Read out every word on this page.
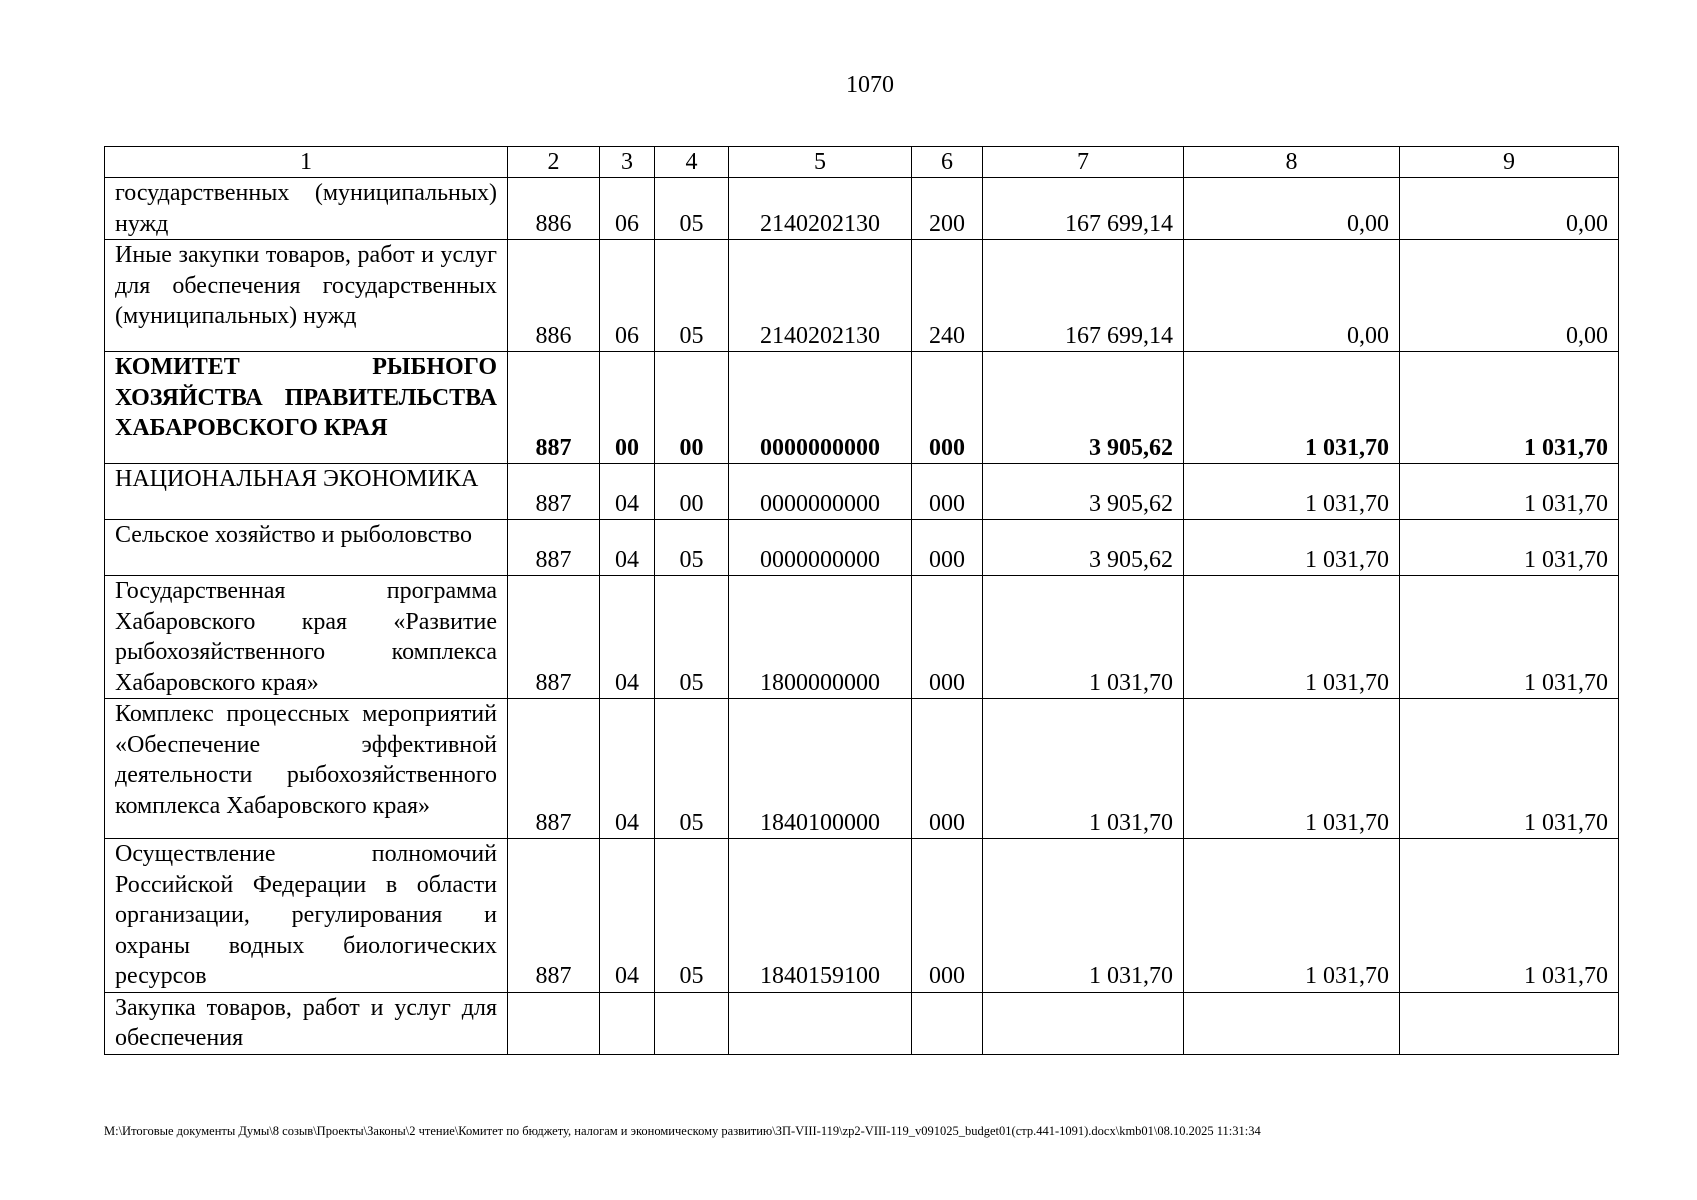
1070
1	2	3	4	5	6	7	8	9
государственных (муниципальных) нужд	886	06	05	2140202130	200	167 699,14	0,00	0,00
Иные закупки товаров, работ и услуг для обеспечения государственных (муниципальных) нужд	886	06	05	2140202130	240	167 699,14	0,00	0,00
КОМИТЕТ РЫБНОГО ХОЗЯЙСТВА ПРАВИТЕЛЬСТВА ХАБАРОВСКОГО КРАЯ	887	00	00	0000000000	000	3 905,62	1 031,70	1 031,70
НАЦИОНАЛЬНАЯ ЭКОНОМИКА	887	04	00	0000000000	000	3 905,62	1 031,70	1 031,70
Сельское хозяйство и рыболовство	887	04	05	0000000000	000	3 905,62	1 031,70	1 031,70
Государственная программа Хабаровского края «Развитие рыбохозяйственного комплекса Хабаровского края»	887	04	05	1800000000	000	1 031,70	1 031,70	1 031,70
Комплекс процессных мероприятий «Обеспечение эффективной деятельности рыбохозяйственного комплекса Хабаровского края»	887	04	05	1840100000	000	1 031,70	1 031,70	1 031,70
Осуществление полномочий Российской Федерации в области организации, регулирования и охраны водных биологических ресурсов	887	04	05	1840159100	000	1 031,70	1 031,70	1 031,70
Закупка товаров, работ и услуг для обеспечения								
M:\Итоговые документы Думы\8 созыв\Проекты\Законы\2 чтение\Комитет по бюджету, налогам и экономическому развитию\ЗП-VIII-119\zp2-VIII-119_v091025_budget01(стр.441-1091).docx\kmb01\08.10.2025 11:31:34
